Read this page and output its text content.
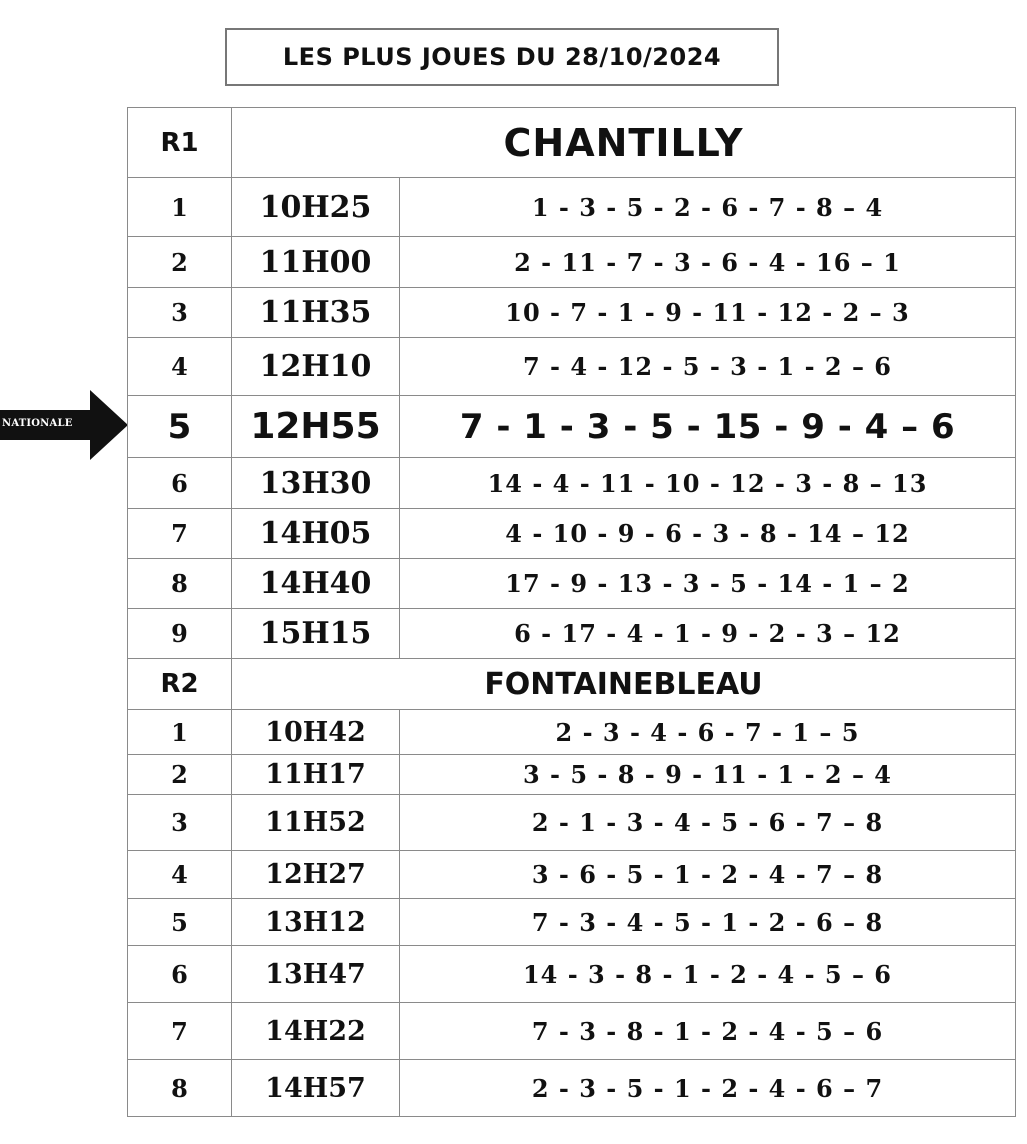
LES PLUS JOUES DU 28/10/2024
NATIONALE
R1	CHANTILLY	
1	10H25	1 - 3 - 5 - 2 - 6 - 7 - 8 – 4
2	11H00	2 - 11 - 7 - 3 - 6 - 4 - 16 – 1
3	11H35	10 - 7 - 1 - 9 - 11 - 12 - 2 – 3
4	12H10	7 - 4 - 12 - 5 - 3 - 1 - 2 – 6
5	12H55	7 - 1 - 3 - 5 - 15 - 9 - 4 – 6
6	13H30	14 - 4 - 11 - 10 - 12 - 3 - 8 – 13
7	14H05	4 - 10 - 9 - 6 - 3 - 8 - 14 – 12
8	14H40	17 - 9 - 13 - 3 - 5 - 14 - 1 – 2
9	15H15	6 - 17 - 4 - 1 - 9 - 2 - 3 – 12
R2	FONTAINEBLEAU	
1	10H42	2 - 3 - 4 - 6 - 7 - 1 – 5
2	11H17	3 - 5 - 8 - 9 - 11 - 1 - 2 – 4
3	11H52	2 - 1 - 3 - 4 - 5 - 6 - 7 – 8
4	12H27	3 - 6 - 5 - 1 - 2 - 4 - 7 – 8
5	13H12	7 - 3 - 4 - 5 - 1 - 2 - 6 – 8
6	13H47	14 - 3 - 8 - 1 - 2 - 4 - 5 – 6
7	14H22	7 - 3 - 8 - 1 - 2 - 4 - 5 – 6
8	14H57	2 - 3 - 5 - 1 - 2 - 4 - 6 – 7
